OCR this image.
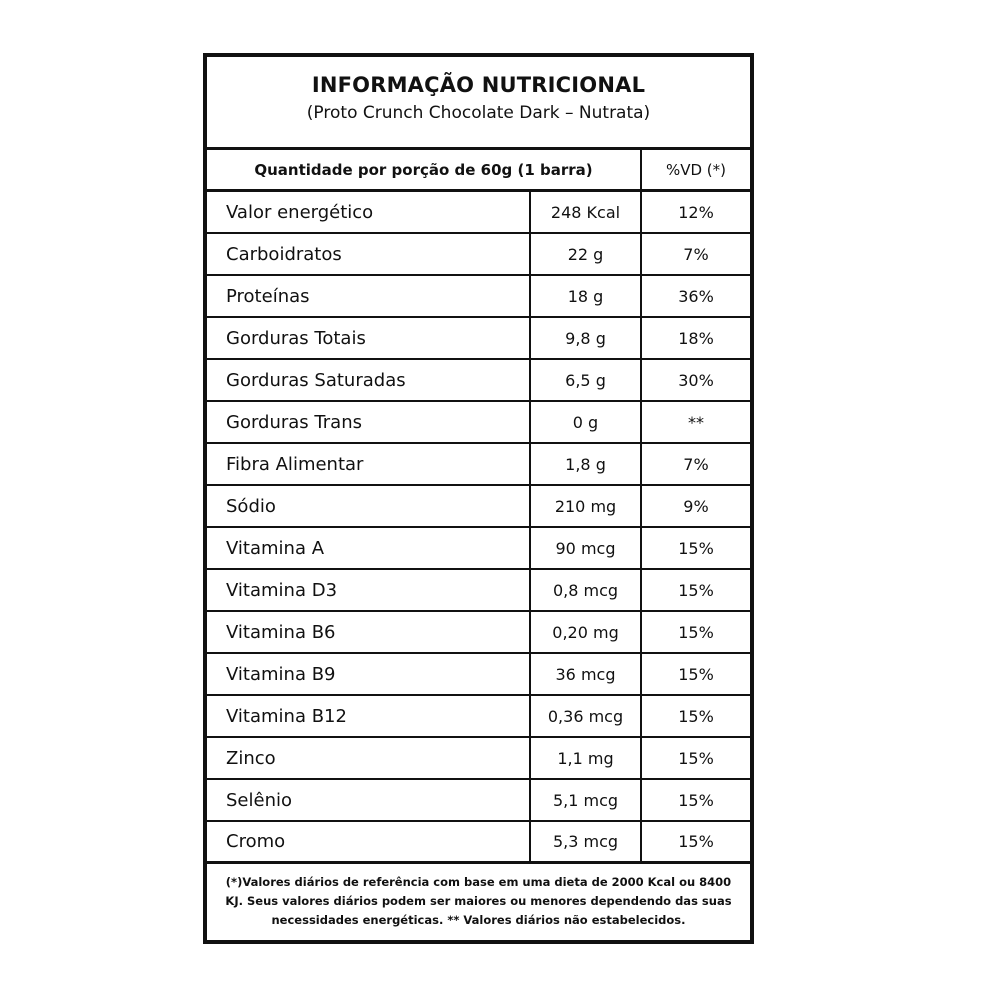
INFORMAÇÃO NUTRICIONAL
(Proto Crunch Chocolate Dark – Nutrata)
Quantidade por porção de 60g (1 barra)	%VD (*)
Valor energético	248 Kcal	12%
Carboidratos	22 g	7%
Proteínas	18 g	36%
Gorduras Totais	9,8 g	18%
Gorduras Saturadas	6,5 g	30%
Gorduras Trans	0 g	**
Fibra Alimentar	1,8 g	7%
Sódio	210 mg	9%
Vitamina A	90 mcg	15%
Vitamina D3	0,8 mcg	15%
Vitamina B6	0,20 mg	15%
Vitamina B9	36 mcg	15%
Vitamina B12	0,36 mcg	15%
Zinco	1,1 mg	15%
Selênio	5,1 mcg	15%
Cromo	5,3 mcg	15%
(*)Valores diários de referência com base em uma dieta de 2000 Kcal ou 8400 KJ. Seus valores diários podem ser maiores ou menores dependendo das suas necessidades energéticas. ** Valores diários não estabelecidos.
